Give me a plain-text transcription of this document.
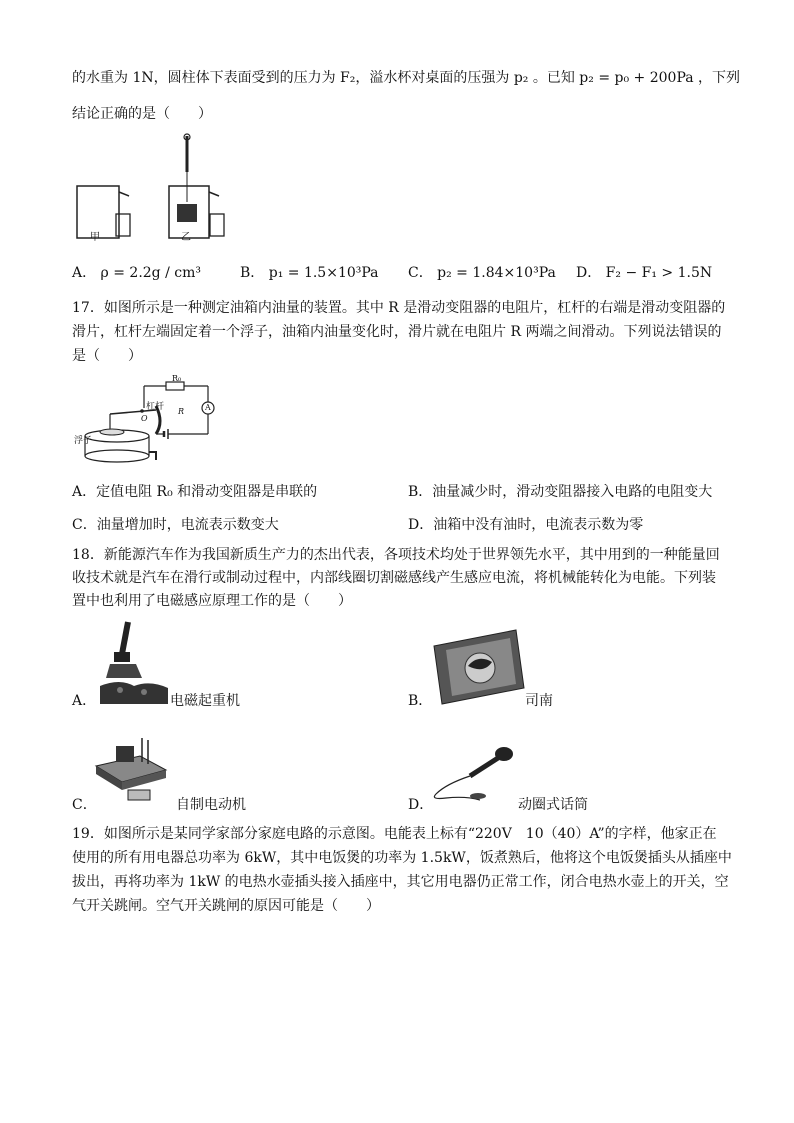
的水重为 1N，圆柱体下表面受到的压力为 F₂，溢水杯对桌面的压强为 p₂ 。已知 p₂ = p₀ + 200Pa ，下列
结论正确的是（　　）
甲	乙
A． ρ = 2.2g / cm³	B． p₁ = 1.5×10³Pa C． p₂ = 1.84×10³Pa D． F₂ − F₁ > 1.5N
17．如图所示是一种测定油箱内油量的装置。其中 R 是滑动变阻器的电阻片，杠杆的右端是滑动变阻器的
滑片，杠杆左端固定着一个浮子，油箱内油量变化时，滑片就在电阻片 R 两端之间滑动。下列说法错误的
是（　　）
R₀
杠杆
O
R	A
浮子
A．定值电阻 R₀ 和滑动变阻器是串联的	B．油量减少时，滑动变阻器接入电路的电阻变大
C．油量增加时，电流表示数变大	D．油箱中没有油时，电流表示数为零
18．新能源汽车作为我国新质生产力的杰出代表，各项技术均处于世界领先水平，其中用到的一种能量回
收技术就是汽车在滑行或制动过程中，内部线圈切割磁感线产生感应电流，将机械能转化为电能。下列装
置中也利用了电磁感应原理工作的是（　　）
A．	电磁起重机	B．	司南
C．	自制电动机	D．	动圈式话筒
19．如图所示是某同学家部分家庭电路的示意图。电能表上标有“220V　10（40）A”的字样，他家正在
使用的所有用电器总功率为 6kW，其中电饭煲的功率为 1.5kW，饭煮熟后，他将这个电饭煲插头从插座中
拔出，再将功率为 1kW 的电热水壶插头接入插座中，其它用电器仍正常工作，闭合电热水壶上的开关，空
气开关跳闸。空气开关跳闸的原因可能是（　　）
